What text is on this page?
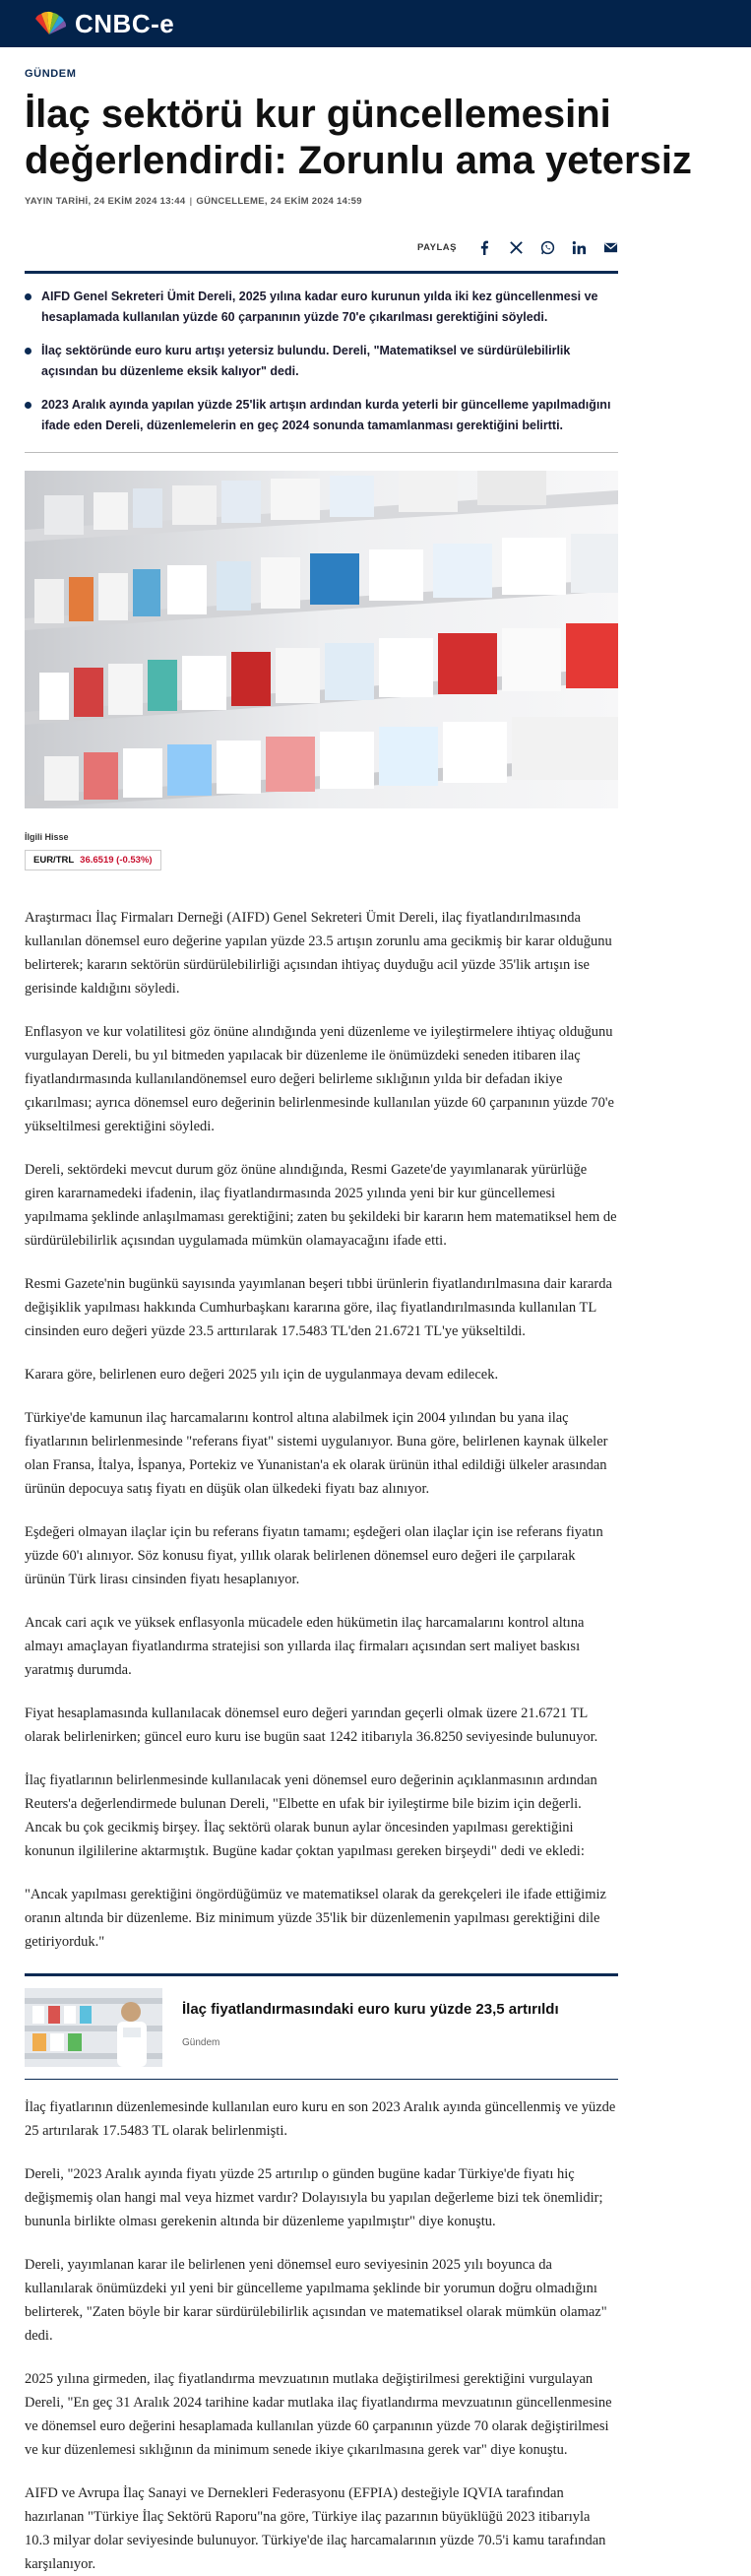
CNBC-e
GÜNDEM
İlaç sektörü kur güncellemesini değerlendirdi: Zorunlu ama yetersiz
YAYIN TARİHİ, 24 EKİM 2024 13:44 | GÜNCELLEME, 24 EKİM 2024 14:59
PAYLAŞ
AIFD Genel Sekreteri Ümit Dereli, 2025 yılına kadar euro kurunun yılda iki kez güncellenmesi ve hesaplamada kullanılan yüzde 60 çarpanının yüzde 70'e çıkarılması gerektiğini söyledi.
İlaç sektöründe euro kuru artışı yetersiz bulundu. Dereli, "Matematiksel ve sürdürülebilirlik açısından bu düzenleme eksik kalıyor" dedi.
2023 Aralık ayında yapılan yüzde 25'lik artışın ardından kurda yeterli bir güncelleme yapılmadığını ifade eden Dereli, düzenlemelerin en geç 2024 sonunda tamamlanması gerektiğini belirtti.
İlgili Hisse
EUR/TRL 36.6519 (-0.53%)

Araştırmacı İlaç Firmaları Derneği (AIFD) Genel Sekreteri Ümit Dereli, ilaç fiyatlandırılmasında kullanılan dönemsel euro değerine yapılan yüzde 23.5 artışın zorunlu ama gecikmiş bir karar olduğunu belirterek; kararın sektörün sürdürülebilirliği açısından ihtiyaç duyduğu acil yüzde 35'lik artışın ise gerisinde kaldığını söyledi.

Enflasyon ve kur volatilitesi göz önüne alındığında yeni düzenleme ve iyileştirmelere ihtiyaç olduğunu vurgulayan Dereli, bu yıl bitmeden yapılacak bir düzenleme ile önümüzdeki seneden itibaren ilaç fiyatlandırmasında kullanılandönemsel euro değeri belirleme sıklığının yılda bir defadan ikiye çıkarılması; ayrıca dönemsel euro değerinin belirlenmesinde kullanılan yüzde 60 çarpanının yüzde 70'e yükseltilmesi gerektiğini söyledi.

Dereli, sektördeki mevcut durum göz önüne alındığında, Resmi Gazete'de yayımlanarak yürürlüğe giren kararnamedeki ifadenin, ilaç fiyatlandırmasında 2025 yılında yeni bir kur güncellemesi yapılmama şeklinde anlaşılmaması gerektiğini; zaten bu şekildeki bir kararın hem matematiksel hem de sürdürülebilirlik açısından uygulamada mümkün olamayacağını ifade etti.

Resmi Gazete'nin bugünkü sayısında yayımlanan beşeri tıbbi ürünlerin fiyatlandırılmasına dair kararda değişiklik yapılması hakkında Cumhurbaşkanı kararına göre, ilaç fiyatlandırılmasında kullanılan TL cinsinden euro değeri yüzde 23.5 arttırılarak 17.5483 TL'den 21.6721 TL'ye yükseltildi.

Karara göre, belirlenen euro değeri 2025 yılı için de uygulanmaya devam edilecek.

Türkiye'de kamunun ilaç harcamalarını kontrol altına alabilmek için 2004 yılından bu yana ilaç fiyatlarının belirlenmesinde "referans fiyat" sistemi uygulanıyor. Buna göre, belirlenen kaynak ülkeler olan Fransa, İtalya, İspanya, Portekiz ve Yunanistan'a ek olarak ürünün ithal edildiği ülkeler arasından ürünün depocuya satış fiyatı en düşük olan ülkedeki fiyatı baz alınıyor.

Eşdeğeri olmayan ilaçlar için bu referans fiyatın tamamı; eşdeğeri olan ilaçlar için ise referans fiyatın yüzde 60'ı alınıyor. Söz konusu fiyat, yıllık olarak belirlenen dönemsel euro değeri ile çarpılarak ürünün Türk lirası cinsinden fiyatı hesaplanıyor.

Ancak cari açık ve yüksek enflasyonla mücadele eden hükümetin ilaç harcamalarını kontrol altına almayı amaçlayan fiyatlandırma stratejisi son yıllarda ilaç firmaları açısından sert maliyet baskısı yaratmış durumda.

Fiyat hesaplamasında kullanılacak dönemsel euro değeri yarından geçerli olmak üzere 21.6721 TL olarak belirlenirken; güncel euro kuru ise bugün saat 1242 itibarıyla 36.8250 seviyesinde bulunuyor.

İlaç fiyatlarının belirlenmesinde kullanılacak yeni dönemsel euro değerinin açıklanmasının ardından Reuters'a değerlendirmede bulunan Dereli, "Elbette en ufak bir iyileştirme bile bizim için değerli. Ancak bu çok gecikmiş birşey. İlaç sektörü olarak bunun aylar öncesinden yapılması gerektiğini konunun ilgililerine aktarmıştık. Bugüne kadar çoktan yapılması gereken birşeydi" dedi ve ekledi:

"Ancak yapılması gerektiğini öngördüğümüz ve matematiksel olarak da gerekçeleri ile ifade ettiğimiz oranın altında bir düzenleme. Biz minimum yüzde 35'lik bir düzenlemenin yapılması gerektiğini dile getiriyorduk."

İlaç fiyatlandırmasındaki euro kuru yüzde 23,5 artırıldı
Gündem

İlaç fiyatlarının düzenlemesinde kullanılan euro kuru en son 2023 Aralık ayında güncellenmiş ve yüzde 25 artırılarak 17.5483 TL olarak belirlenmişti.

Dereli, "2023 Aralık ayında fiyatı yüzde 25 artırılıp o günden bugüne kadar Türkiye'de fiyatı hiç değişmemiş olan hangi mal veya hizmet vardır? Dolayısıyla bu yapılan değerleme bizi tek önemlidir; bununla birlikte olması gerekenin altında bir düzenleme yapılmıştır" diye konuştu.

Dereli, yayımlanan karar ile belirlenen yeni dönemsel euro seviyesinin 2025 yılı boyunca da kullanılarak önümüzdeki yıl yeni bir güncelleme yapılmama şeklinde bir yorumun doğru olmadığını belirterek, "Zaten böyle bir karar sürdürülebilirlik açısından ve matematiksel olarak mümkün olamaz" dedi.

2025 yılına girmeden, ilaç fiyatlandırma mevzuatının mutlaka değiştirilmesi gerektiğini vurgulayan Dereli, "En geç 31 Aralık 2024 tarihine kadar mutlaka ilaç fiyatlandırma mevzuatının güncellenmesine ve dönemsel euro değerini hesaplamada kullanılan yüzde 60 çarpanının yüzde 70 olarak değiştirilmesi ve kur düzenlemesi sıklığının da minimum senede ikiye çıkarılmasına gerek var" diye konuştu.

AIFD ve Avrupa İlaç Sanayi ve Dernekleri Federasyonu (EFPIA) desteğiyle IQVIA tarafından hazırlanan "Türkiye İlaç Sektörü Raporu"na göre, Türkiye ilaç pazarının büyüklüğü 2023 itibarıyla 10.3 milyar dolar seviyesinde bulunuyor. Türkiye'de ilaç harcamalarının yüzde 70.5'i kamu tarafından karşılanıyor.
